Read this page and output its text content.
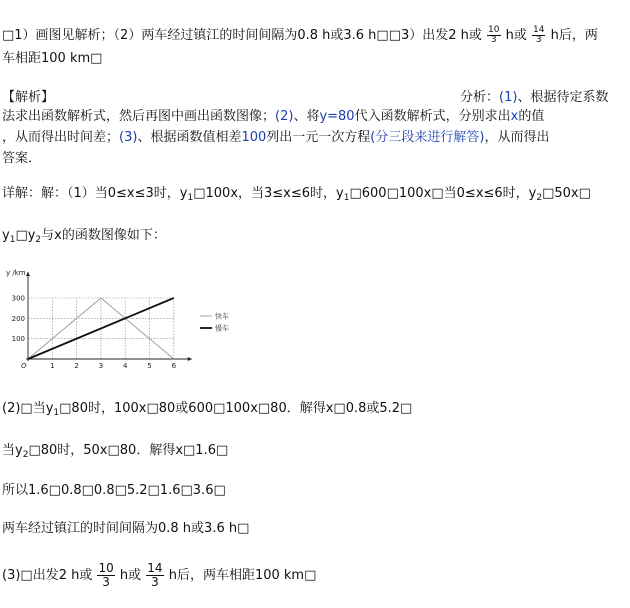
□1）画图见解析；（2）两车经过镇江的时间间隔为0.8 h或3.6 h□□3）出发2 h或 $\frac{10}{3}$ h或 $\frac{14}{3}$ h后，两
车相距100 km□
【解析】	分析：(1)、根据待定系数
法求出函数解析式，然后再图中画出函数图像；(2)、将y=80代入函数解析式，分别求出x的值
，从而得出时间差；(3)、根据函数值相差100列出一元一次方程(分三段来进行解答)，从而得出
答案．
详解：解：（1）当0≤x≤3时，$y_1□100x$，当3≤x≤6时，$y_1□600□100x□$当0≤x≤6时，$y_2□50x□$
$y_1□y_2$与x的函数图像如下：
100
200
300
1	2	3	4	5	6
y /km
O
快车
慢车
(2)□当$y_1□80$时，100x□80或600□100x□80．解得x□0.8或5.2□
当$y_2□80$时，50x□80．解得x□1.6□
所以1.6□0.8□0.8□5.2□1.6□3.6□
两车经过镇江的时间间隔为0.8 h或3.6 h□
(3)□出发2 h或 $\frac{10}{3}$ h或 $\frac{14}{3}$ h后，两车相距100 km□
